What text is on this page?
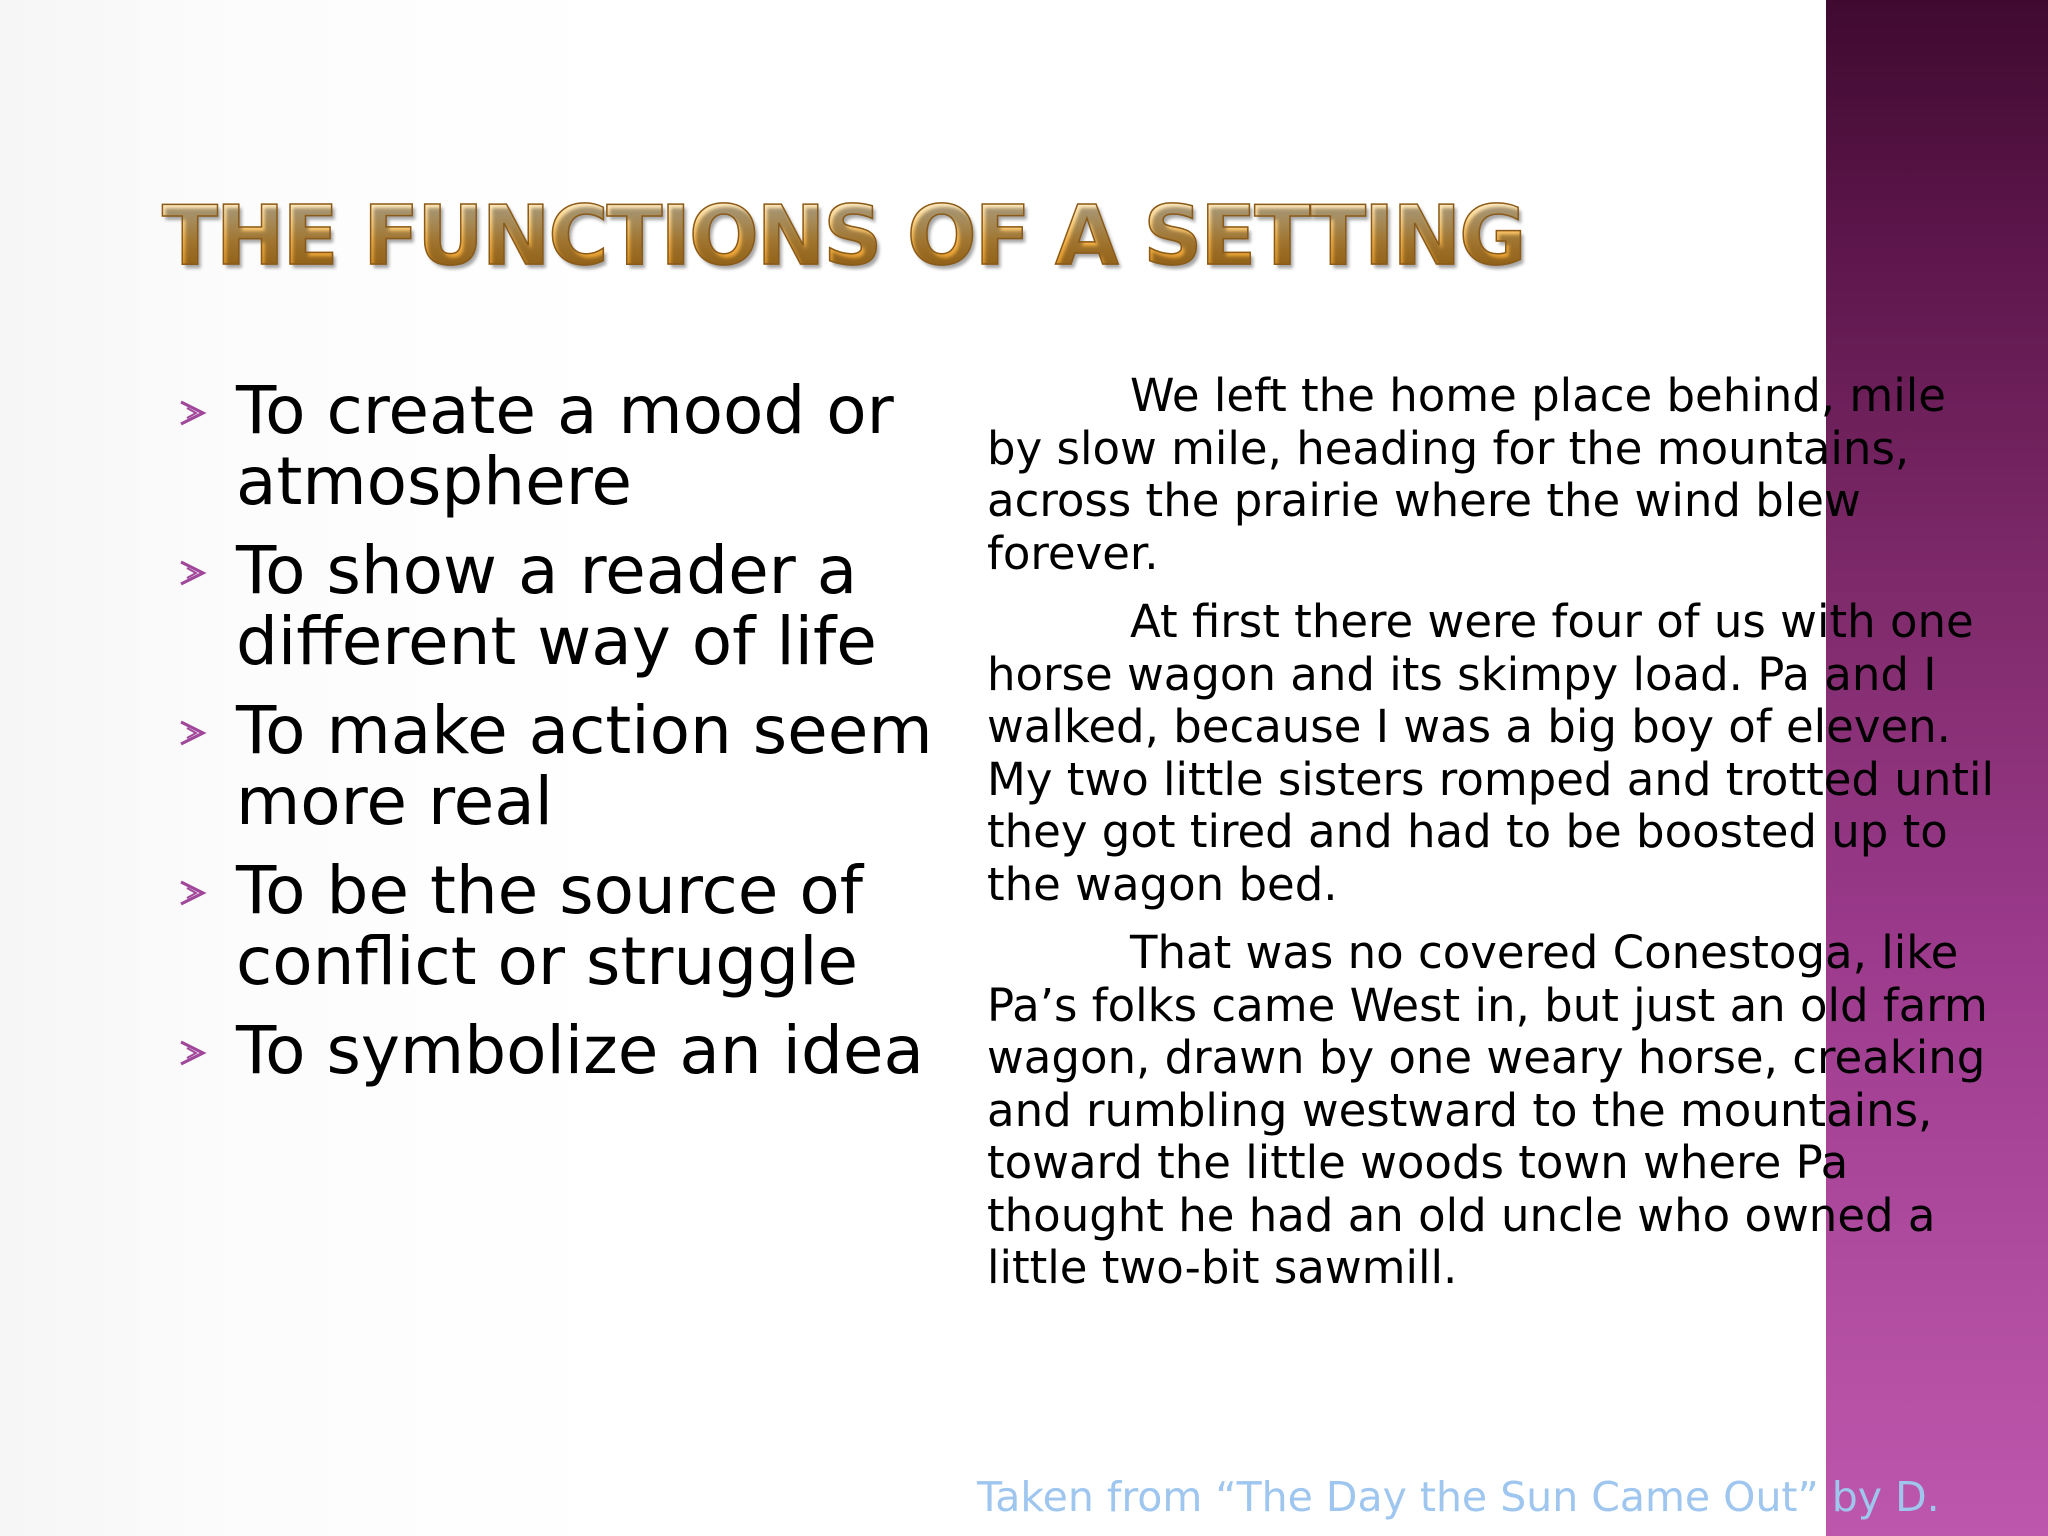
THE FUNCTIONS OF A SETTING
To create a mood or atmosphere
To show a reader a different way of life
To make action seem more real
To be the source of conflict or struggle
To symbolize an idea

We left the home place behind, mile by slow mile, heading for the mountains, across the prairie where the wind blew forever.

At first there were four of us with one horse wagon and its skimpy load. Pa and I walked, because I was a big boy of eleven. My two little sisters romped and trotted until they got tired and had to be boosted up to the wagon bed.

That was no covered Conestoga, like Pa’s folks came West in, but just an old farm wagon, drawn by one weary horse, creaking and rumbling westward to the mountains, toward the little woods town where Pa thought he had an old uncle who owned a little two-bit sawmill.

Taken from “The Day the Sun Came Out” by D.
